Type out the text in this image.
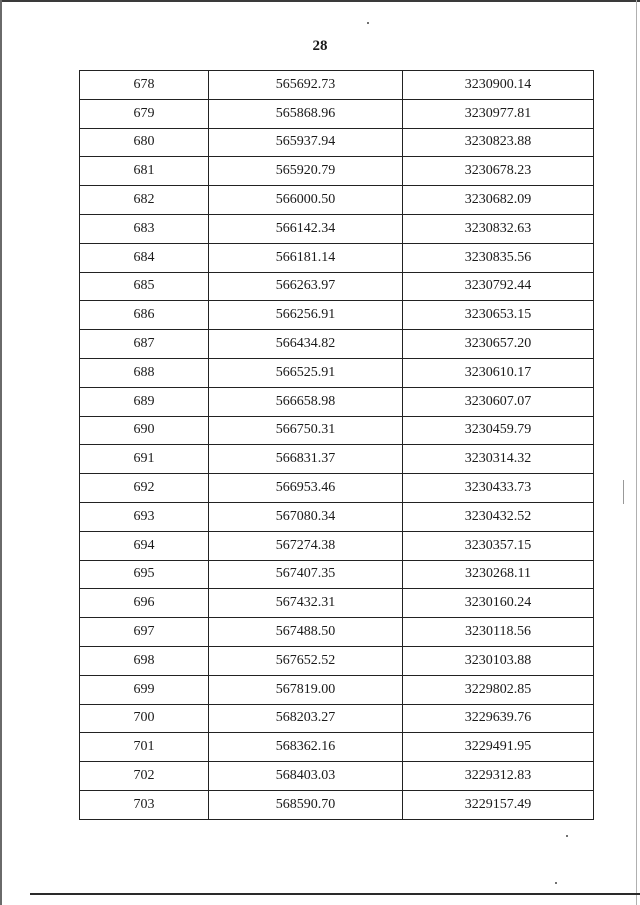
28
678	565692.73	3230900.14
679	565868.96	3230977.81
680	565937.94	3230823.88
681	565920.79	3230678.23
682	566000.50	3230682.09
683	566142.34	3230832.63
684	566181.14	3230835.56
685	566263.97	3230792.44
686	566256.91	3230653.15
687	566434.82	3230657.20
688	566525.91	3230610.17
689	566658.98	3230607.07
690	566750.31	3230459.79
691	566831.37	3230314.32
692	566953.46	3230433.73
693	567080.34	3230432.52
694	567274.38	3230357.15
695	567407.35	3230268.11
696	567432.31	3230160.24
697	567488.50	3230118.56
698	567652.52	3230103.88
699	567819.00	3229802.85
700	568203.27	3229639.76
701	568362.16	3229491.95
702	568403.03	3229312.83
703	568590.70	3229157.49
